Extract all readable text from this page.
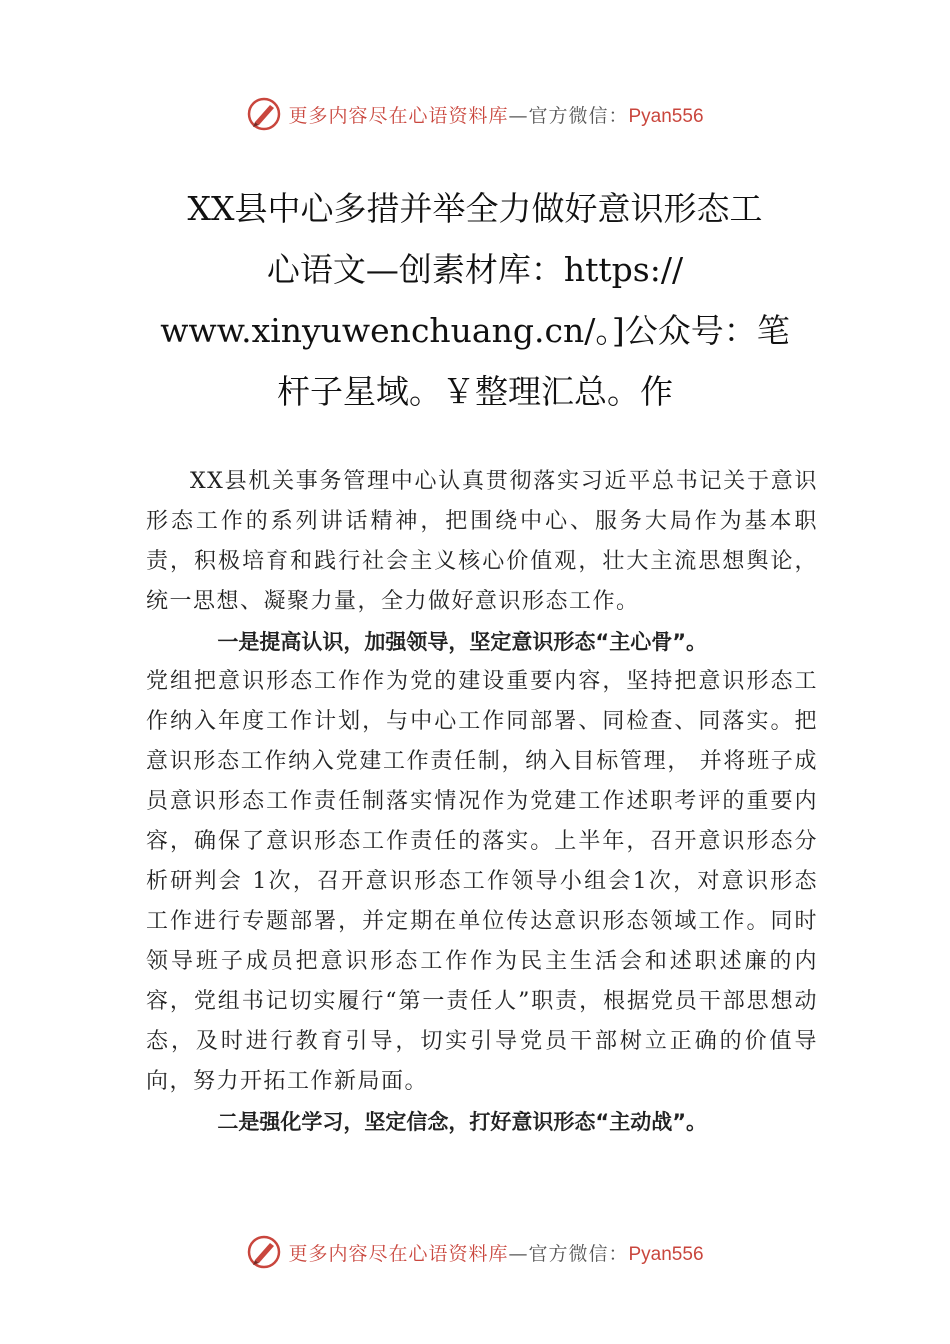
更多内容尽在心语资料库—官方微信：Pyan556
XX县中心多措并举全力做好意识形态工
心语文—创素材库：https://
www.xinyuwenchuang.cn/。]公众号：笔
杆子星域。￥整理汇总。作

XX县机关事务管理中心认真贯彻落实习近平总书记关于意识形态工作的系列讲话精神，把围绕中心、服务大局作为基本职责，积极培育和践行社会主义核心价值观，壮大主流思想舆论，统一思想、凝聚力量，全力做好意识形态工作。

一是提高认识，加强领导，坚定意识形态“主心骨”。

党组把意识形态工作作为党的建设重要内容，坚持把意识形态工作纳入年度工作计划，与中心工作同部署、同检查、同落实。把意识形态工作纳入党建工作责任制，纳入目标管理， 并将班子成员意识形态工作责任制落实情况作为党建工作述职考评的重要内容，确保了意识形态工作责任的落实。上半年，召开意识形态分析研判会 1次，召开意识形态工作领导小组会1次，对意识形态工作进行专题部署，并定期在单位传达意识形态领域工作。同时领导班子成员把意识形态工作作为民主生活会和述职述廉的内容，党组书记切实履行“第一责任人”职责，根据党员干部思想动态，及时进行教育引导，切实引导党员干部树立正确的价值导向，努力开拓工作新局面。

二是强化学习，坚定信念，打好意识形态“主动战”。
更多内容尽在心语资料库—官方微信：Pyan556
